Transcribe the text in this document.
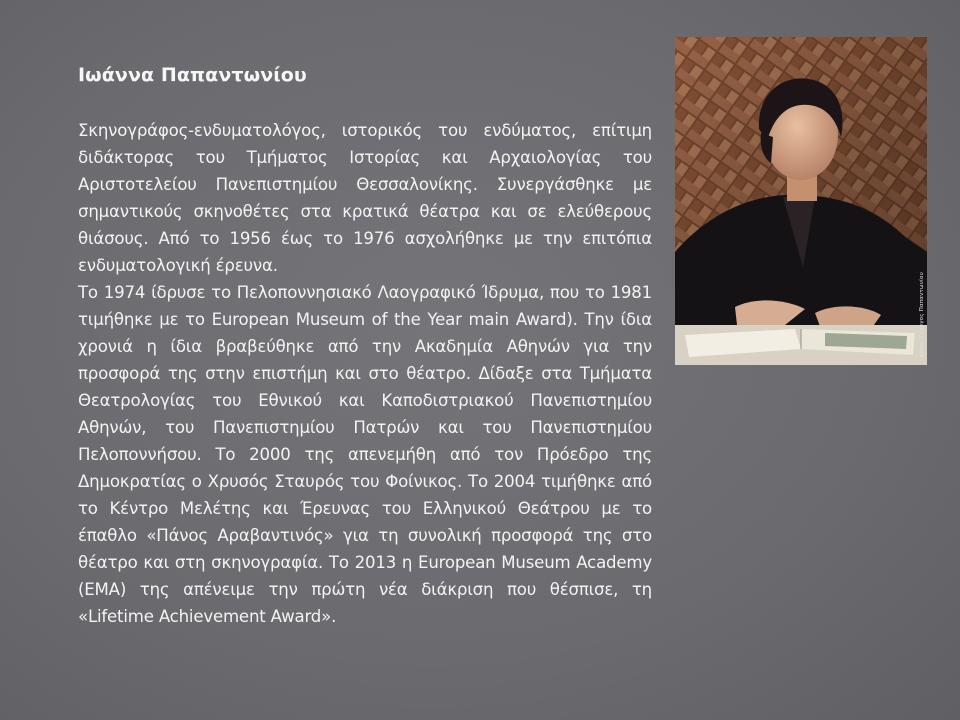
Ιωάννα Παπαντωνίου

Σκηνογράφος-ενδυματολόγος, ιστορικός του ενδύματος, επίτιμη διδάκτορας του Τμήματος Ιστορίας και Αρχαιολογίας του Αριστοτελείου Πανεπιστημίου Θεσσαλονίκης. Συνεργάσθηκε με σημαντικούς σκηνοθέτες στα κρατικά θέατρα και σε ελεύθερους θιάσους. Από το 1956 έως το 1976 ασχολήθηκε με την επιτόπια ενδυματολογική έρευνα.

Το 1974 ίδρυσε το Πελοποννησιακό Λαογραφικό Ίδρυμα, που το 1981 τιμήθηκε με το European Museum of the Year main Award). Την ίδια χρονιά η ίδια βραβεύθηκε από την Ακαδημία Αθηνών για την προσφορά της στην επιστήμη και στο θέατρο. Δίδαξε στα Τμήματα Θεατρολογίας του Εθνικού και Καποδιστριακού Πανεπιστημίου Αθηνών, του Πανεπιστημίου Πατρών και του Πανεπιστημίου Πελοποννήσου. Το 2000 της απενεμήθη από τον Πρόεδρο της Δημοκρατίας ο Χρυσός Σταυρός του Φοίνικος. Το 2004 τιμήθηκε από το Κέντρο Μελέτης και Έρευνας του Ελληνικού Θεάτρου με το έπαθλο «Πάνος Αραβαντινός» για τη συνολική προσφορά της στο θέατρο και στη σκηνογραφία. Το 2013 η European Museum Academy (EMA) της απένειμε την πρώτη νέα διάκριση που θέσπισε, τη «Lifetime Achievement Award».

φωτο: Γιώργος Παπαντωνίου
